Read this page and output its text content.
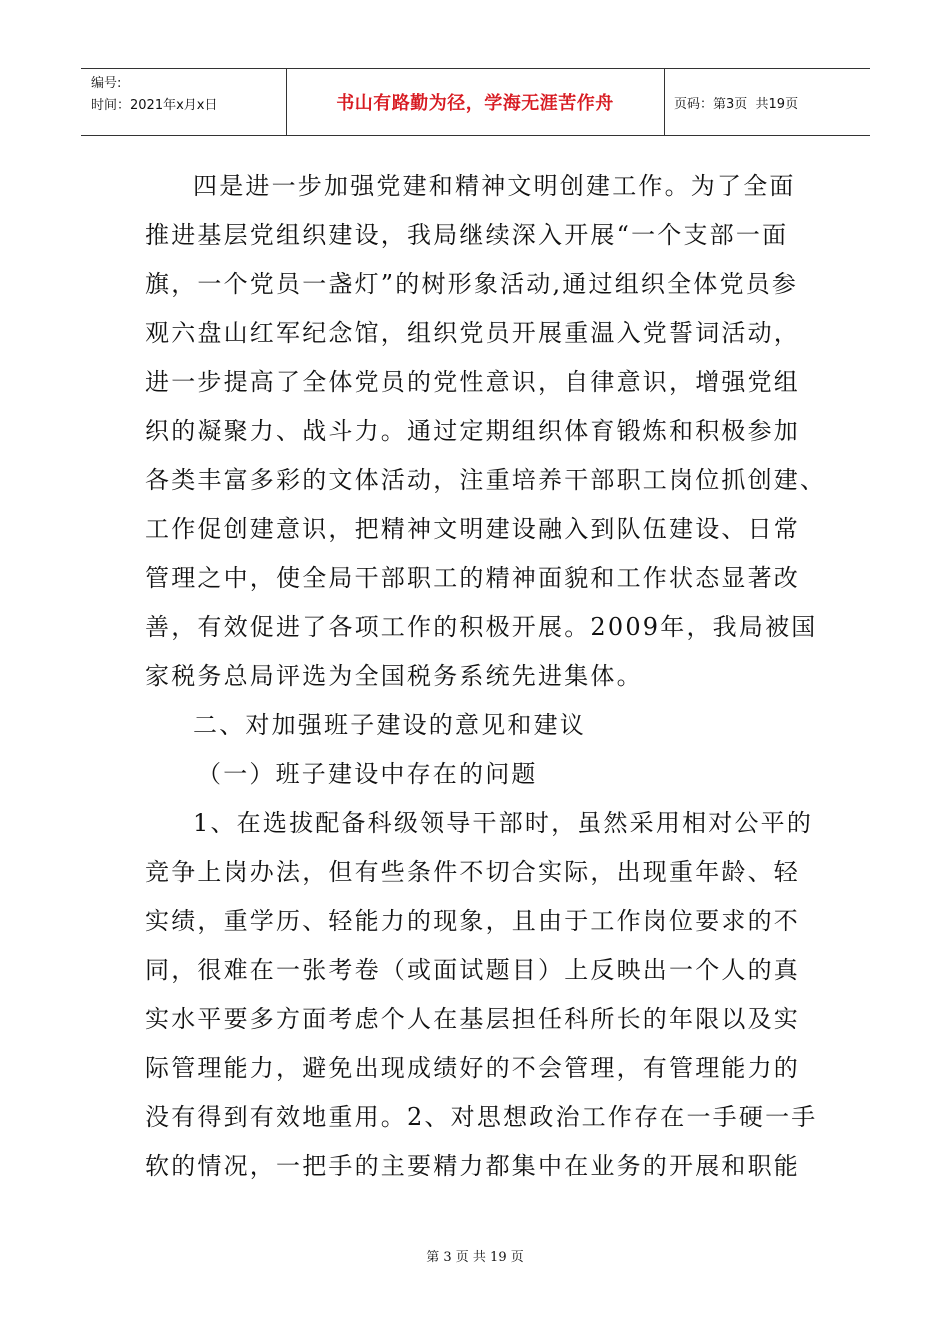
编号:
时间：2021年x月x日	书山有路勤为径，学海无涯苦作舟	页码：第3页  共19页
四是进一步加强党建和精神文明创建工作。为了全面
推进基层党组织建设，我局继续深入开展“一个支部一面
旗，一个党员一盏灯”的树形象活动,通过组织全体党员参
观六盘山红军纪念馆，组织党员开展重温入党誓词活动，
进一步提高了全体党员的党性意识，自律意识，增强党组
织的凝聚力、战斗力。通过定期组织体育锻炼和积极参加
各类丰富多彩的文体活动，注重培养干部职工岗位抓创建、
工作促创建意识，把精神文明建设融入到队伍建设、日常
管理之中，使全局干部职工的精神面貌和工作状态显著改
善，有效促进了各项工作的积极开展。2009年，我局被国
家税务总局评选为全国税务系统先进集体。
二、对加强班子建设的意见和建议
（一）班子建设中存在的问题
1、在选拔配备科级领导干部时，虽然采用相对公平的
竞争上岗办法，但有些条件不切合实际，出现重年龄、轻
实绩，重学历、轻能力的现象，且由于工作岗位要求的不
同，很难在一张考卷（或面试题目）上反映出一个人的真
实水平要多方面考虑个人在基层担任科所长的年限以及实
际管理能力，避免出现成绩好的不会管理，有管理能力的
没有得到有效地重用。2、对思想政治工作存在一手硬一手
软的情况，一把手的主要精力都集中在业务的开展和职能
第 3 页 共 19 页
